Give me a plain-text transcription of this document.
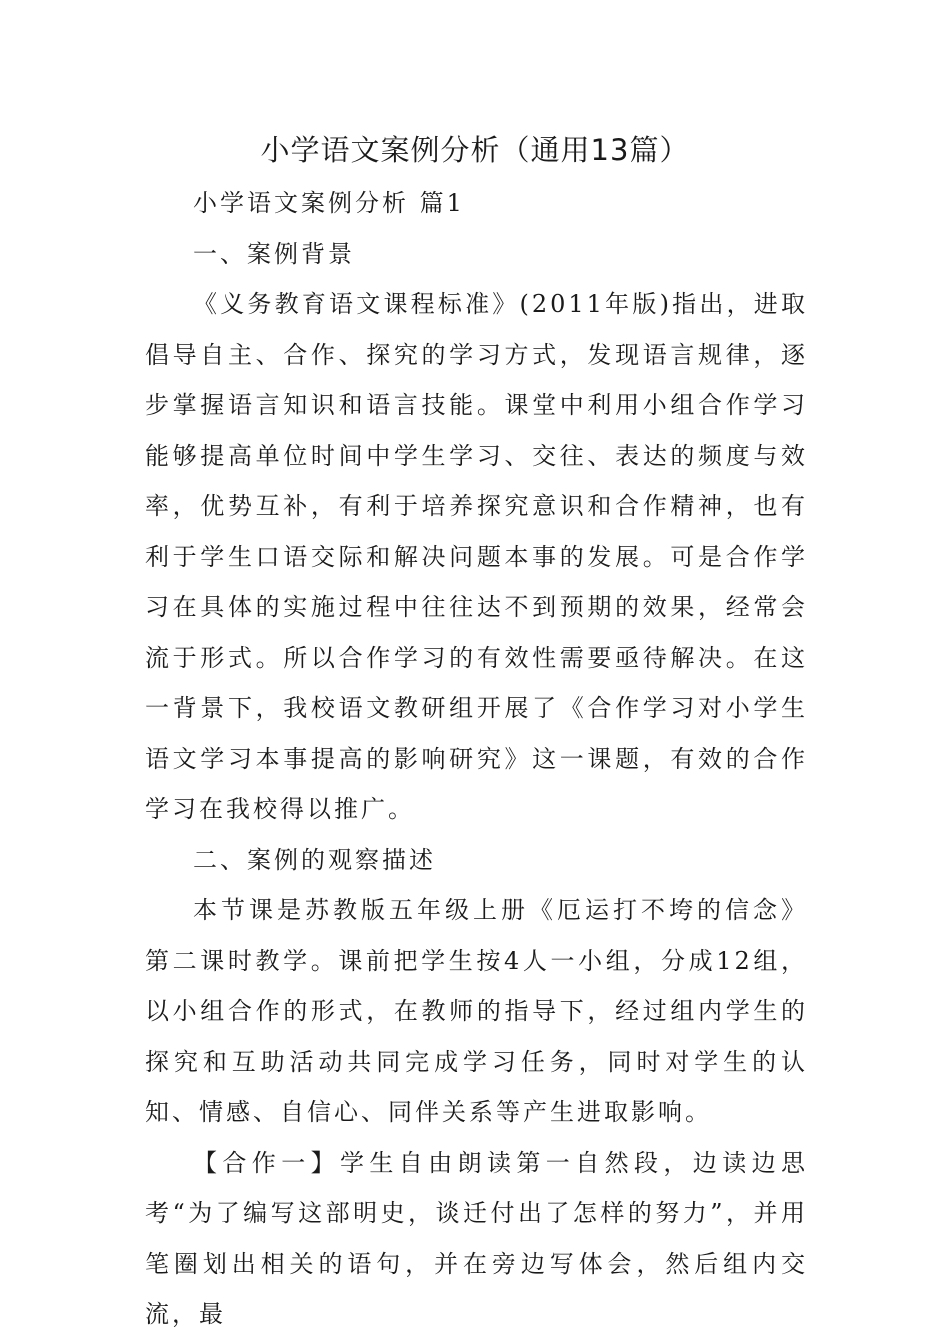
小学语文案例分析（通用13篇）

小学语文案例分析 篇1

一、案例背景

《义务教育语文课程标准》(2011年版)指出，进取倡导自主、合作、探究的学习方式，发现语言规律，逐步掌握语言知识和语言技能。课堂中利用小组合作学习能够提高单位时间中学生学习、交往、表达的频度与效率，优势互补，有利于培养探究意识和合作精神，也有利于学生口语交际和解决问题本事的发展。可是合作学习在具体的实施过程中往往达不到预期的效果，经常会流于形式。所以合作学习的有效性需要亟待解决。在这一背景下，我校语文教研组开展了《合作学习对小学生语文学习本事提高的影响研究》这一课题，有效的合作学习在我校得以推广。

二、案例的观察描述

本节课是苏教版五年级上册《厄运打不垮的信念》第二课时教学。课前把学生按4人一小组，分成12组，以小组合作的形式，在教师的指导下，经过组内学生的探究和互助活动共同完成学习任务，同时对学生的认知、情感、自信心、同伴关系等产生进取影响。

【合作一】学生自由朗读第一自然段，边读边思考“为了编写这部明史，谈迁付出了怎样的努力”，并用笔圈划出相关的语句，并在旁边写体会，然后组内交流，最
